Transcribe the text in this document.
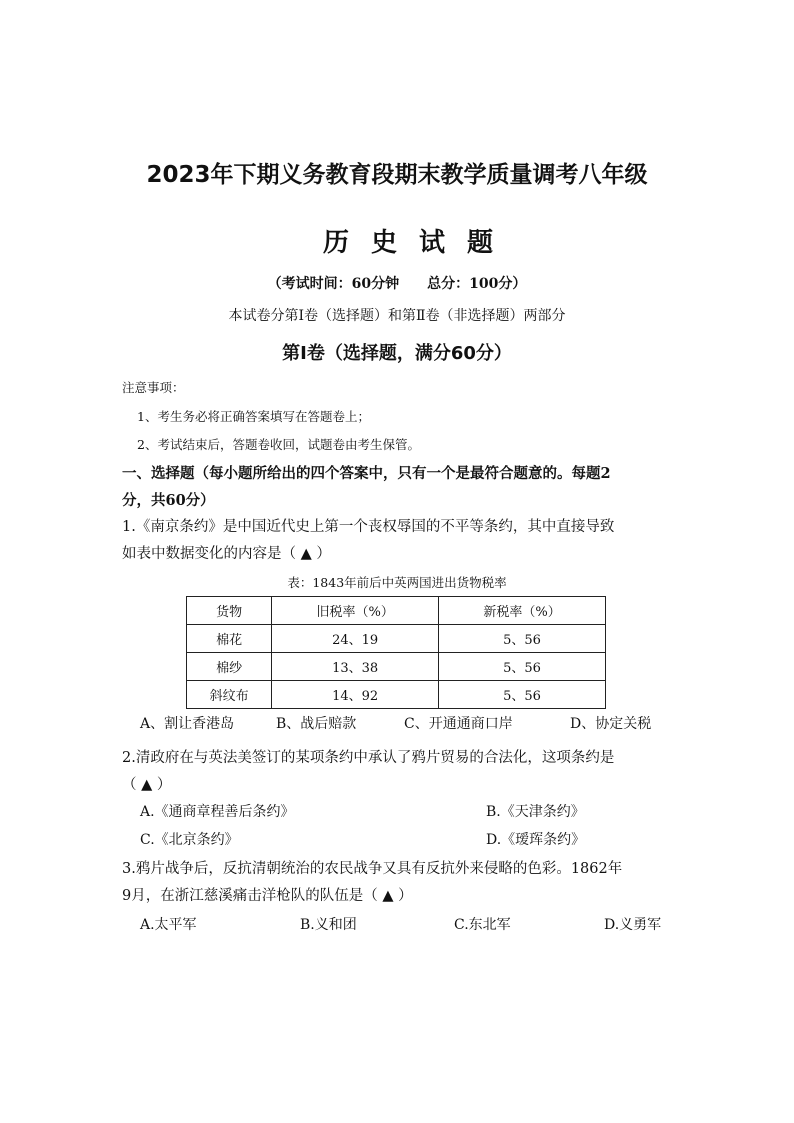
2023年下期义务教育段期末教学质量调考八年级
历史试题
（考试时间：60分钟　　总分：100分）
本试卷分第Ⅰ卷（选择题）和第Ⅱ卷（非选择题）两部分
第Ⅰ卷（选择题，满分60分）
注意事项：
1、考生务必将正确答案填写在答题卷上；
2、考试结束后，答题卷收回，试题卷由考生保管。
一、选择题（每小题所给出的四个答案中，只有一个是最符合题意的。每题2
分，共60分）
1.《南京条约》是中国近代史上第一个丧权辱国的不平等条约，其中直接导致
如表中数据变化的内容是（ ▲ ）
表：1843年前后中英两国进出货物税率
货物	旧税率（%）	新税率（%）
棉花	24、19	5、56
棉纱	13、38	5、56
斜纹布	14、92	5、56
A、割让香港岛	B、战后赔款	C、开通通商口岸	D、协定关税
2.清政府在与英法美签订的某项条约中承认了鸦片贸易的合法化，这项条约是
（ ▲ ）
A.《通商章程善后条约》	B.《天津条约》
C.《北京条约》	D.《瑷珲条约》
3.鸦片战争后，反抗清朝统治的农民战争又具有反抗外来侵略的色彩。1862年
9月，在浙江慈溪痛击洋枪队的队伍是（ ▲ ）
A.太平军	B.义和团	C.东北军	D.义勇军
